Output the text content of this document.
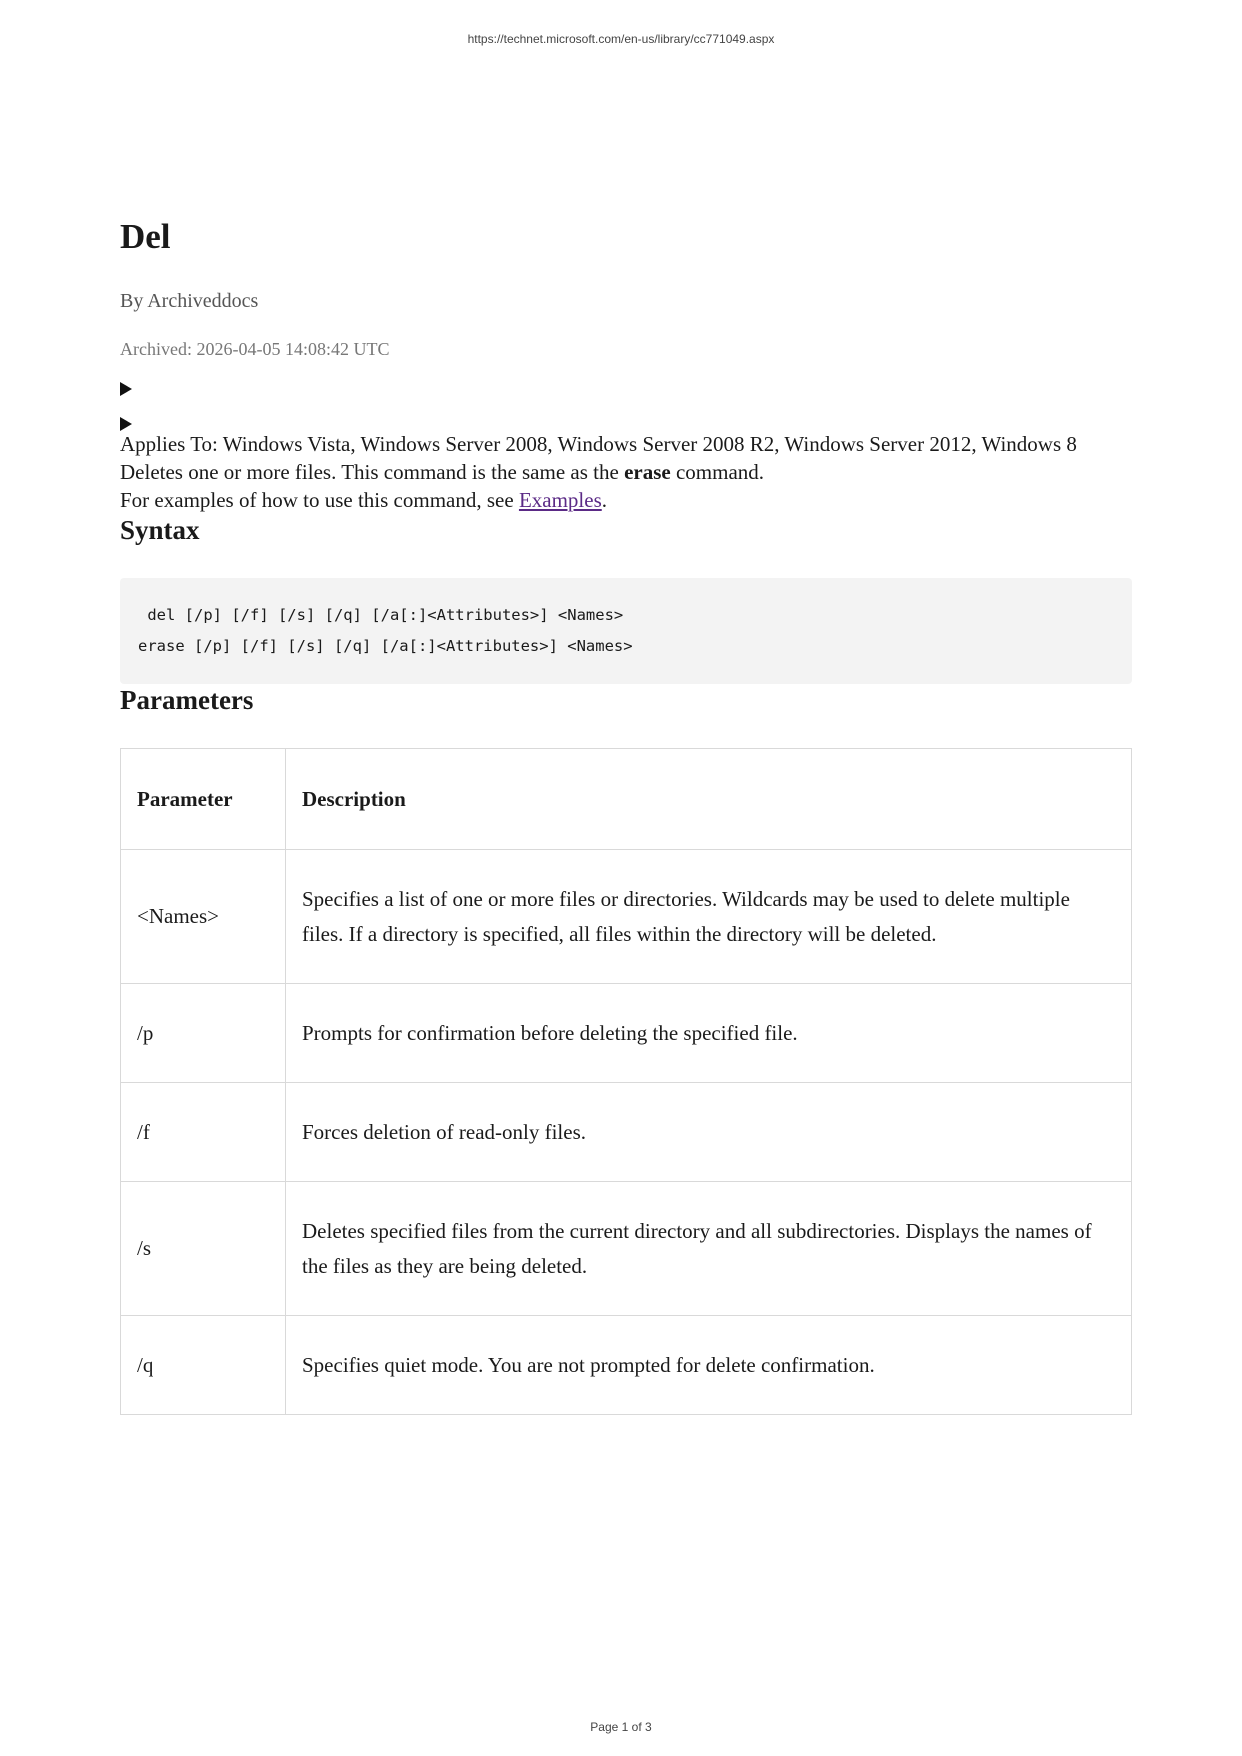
https://technet.microsoft.com/en-us/library/cc771049.aspx
Del
By Archiveddocs
Archived: 2026-04-05 14:08:42 UTC

Applies To: Windows Vista, Windows Server 2008, Windows Server 2008 R2, Windows Server 2012, Windows 8

Deletes one or more files. This command is the same as the erase command.

For examples of how to use this command, see Examples.

Syntax
del [/p] [/f] [/s] [/q] [/a[:]<Attributes>] <Names>
erase [/p] [/f] [/s] [/q] [/a[:]<Attributes>] <Names>
Parameters
Parameter	Description
<Names>	Specifies a list of one or more files or directories. Wildcards may be used to delete multiple files. If a directory is specified, all files within the directory will be deleted.
/p	Prompts for confirmation before deleting the specified file.
/f	Forces deletion of read-only files.
/s	Deletes specified files from the current directory and all subdirectories. Displays the names of the files as they are being deleted.
/q	Specifies quiet mode. You are not prompted for delete confirmation.
Page 1 of 3
